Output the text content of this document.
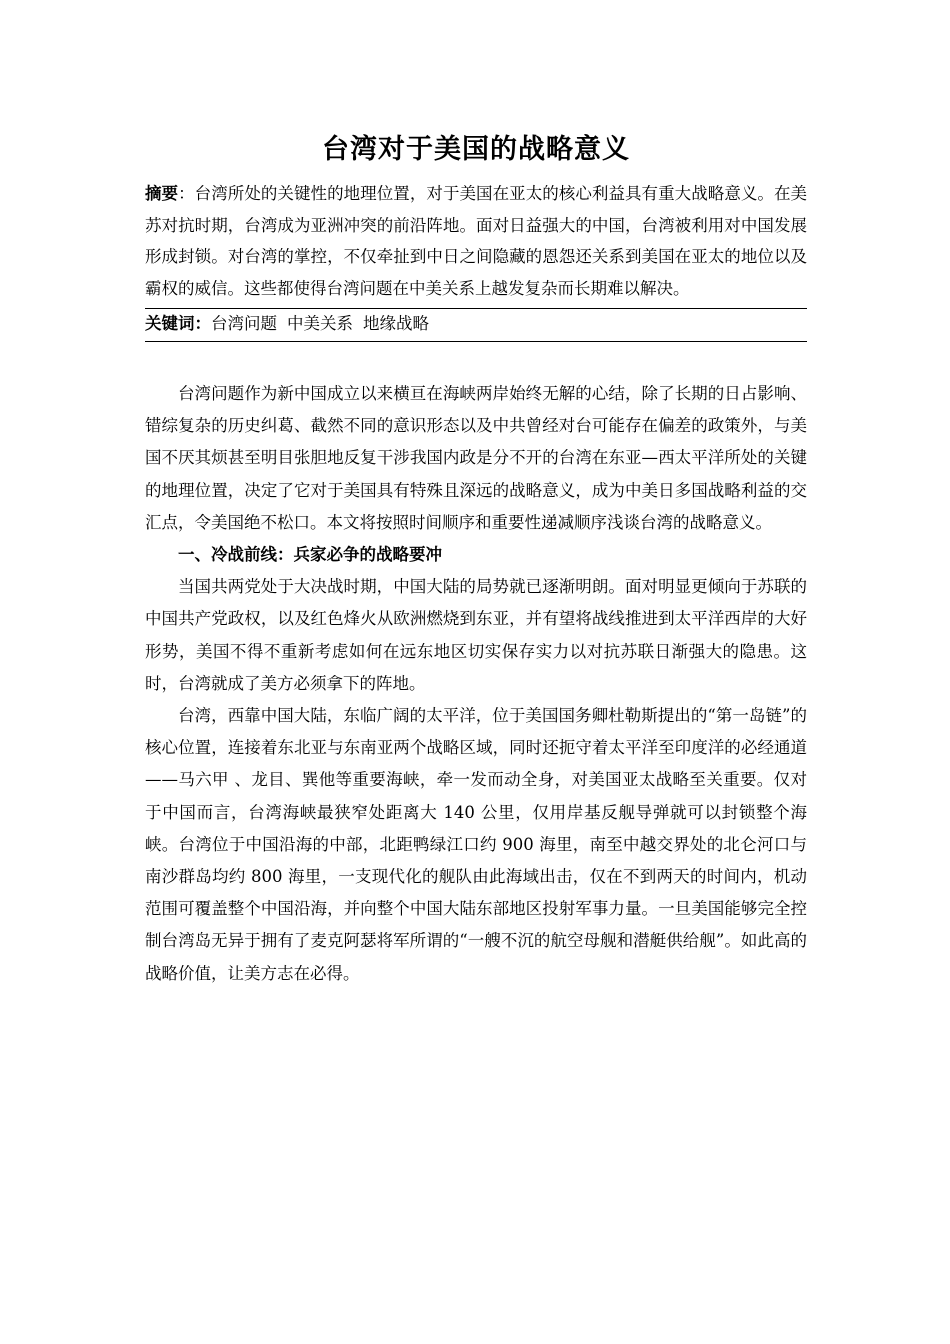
台湾对于美国的战略意义

摘要：台湾所处的关键性的地理位置，对于美国在亚太的核心利益具有重大战略意义。在美苏对抗时期，台湾成为亚洲冲突的前沿阵地。面对日益强大的中国，台湾被利用对中国发展形成封锁。对台湾的掌控，不仅牵扯到中日之间隐藏的恩怨还关系到美国在亚太的地位以及霸权的威信。这些都使得台湾问题在中美关系上越发复杂而长期难以解决。

关键词：台湾问题 中美关系 地缘战略

台湾问题作为新中国成立以来横亘在海峡两岸始终无解的心结，除了长期的日占影响、错综复杂的历史纠葛、截然不同的意识形态以及中共曾经对台可能存在偏差的政策外，与美国不厌其烦甚至明目张胆地反复干涉我国内政是分不开的台湾在东亚—西太平洋所处的关键的地理位置，决定了它对于美国具有特殊且深远的战略意义，成为中美日多国战略利益的交汇点，令美国绝不松口。本文将按照时间顺序和重要性递减顺序浅谈台湾的战略意义。

一、冷战前线：兵家必争的战略要冲

当国共两党处于大决战时期，中国大陆的局势就已逐渐明朗。面对明显更倾向于苏联的中国共产党政权，以及红色烽火从欧洲燃烧到东亚，并有望将战线推进到太平洋西岸的大好形势，美国不得不重新考虑如何在远东地区切实保存实力以对抗苏联日渐强大的隐患。这时，台湾就成了美方必须拿下的阵地。

台湾，西靠中国大陆，东临广阔的太平洋，位于美国国务卿杜勒斯提出的“第一岛链”的核心位置，连接着东北亚与东南亚两个战略区域，同时还扼守着太平洋至印度洋的必经通道——马六甲 、龙目、巽他等重要海峡，牵一发而动全身，对美国亚太战略至关重要。仅对于中国而言，台湾海峡最狭窄处距离大 140 公里，仅用岸基反舰导弹就可以封锁整个海峡。台湾位于中国沿海的中部，北距鸭绿江口约 900 海里，南至中越交界处的北仑河口与南沙群岛均约 800 海里，一支现代化的舰队由此海域出击，仅在不到两天的时间内，机动范围可覆盖整个中国沿海，并向整个中国大陆东部地区投射军事力量。一旦美国能够完全控制台湾岛无异于拥有了麦克阿瑟将军所谓的“一艘不沉的航空母舰和潜艇供给舰”。如此高的战略价值，让美方志在必得。
